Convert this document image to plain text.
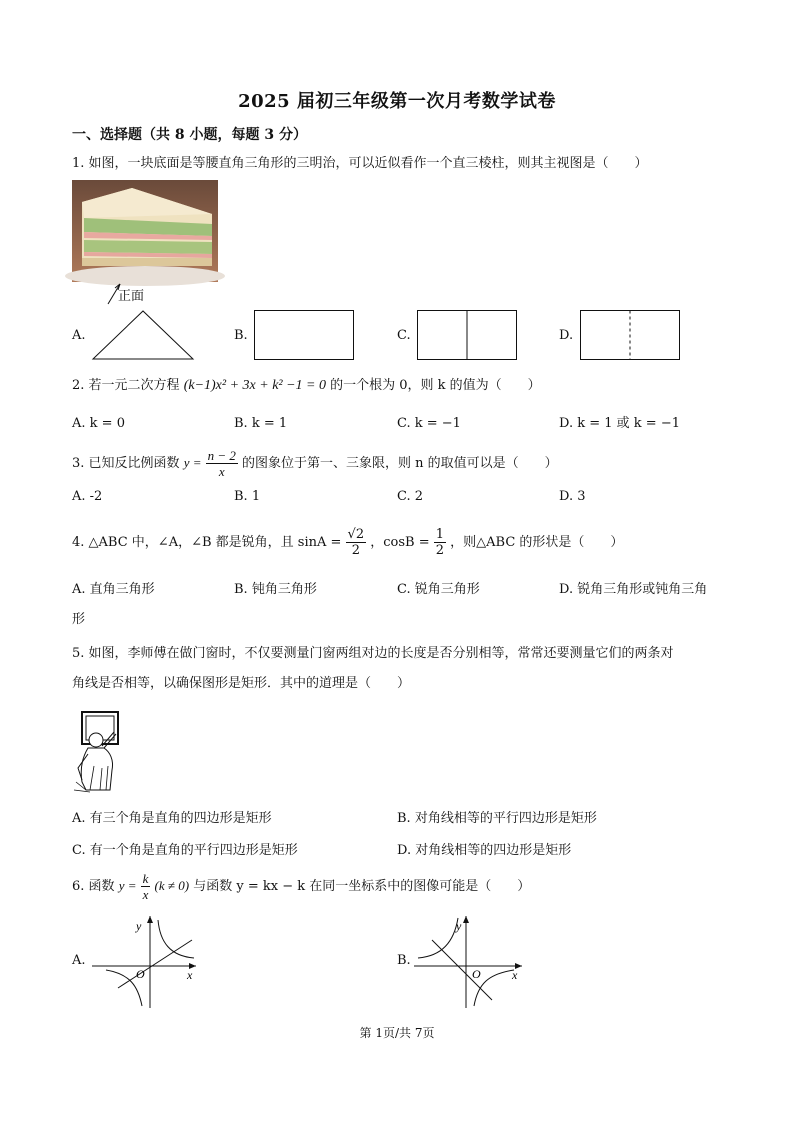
2025 届初三年级第一次月考数学试卷
一、选择题（共 8 小题，每题 3 分）
1. 如图，一块底面是等腰直角三角形的三明治，可以近似看作一个直三棱柱，则其主视图是（　　）
正面
A.	B.	C.	D.
2. 若一元二次方程 (k−1)x² + 3x + k² −1 = 0 的一个根为 0，则 k 的值为（　　）
A. k = 0	B. k = 1	C. k = −1	D. k = 1 或 k = −1
3. 已知反比例函数 $y = \frac{n - 2}{x}$ 的图象位于第一、三象限，则 n 的取值可以是（　　）
A. -2	B. 1	C. 2	D. 3
4. △ABC 中，∠A，∠B 都是锐角，且 $\sin A = \frac{√2}{2}$ ，$\cos B = \frac{1}{2}$ ，则△ABC 的形状是（　　）
A. 直角三角形	B. 钝角三角形	C. 锐角三角形	D. 锐角三角形或钝角三角
形
5. 如图，李师傅在做门窗时，不仅要测量门窗两组对边的长度是否分别相等，常常还要测量它们的两条对
角线是否相等，以确保图形是矩形．其中的道理是（　　）
A. 有三个角是直角的四边形是矩形	B. 对角线相等的平行四边形是矩形
C. 有一个角是直角的平行四边形是矩形	D. 对角线相等的四边形是矩形
6. 函数 $y = \frac{k}{x} (k \ne 0)$ 与函数 y = kx − k 在同一坐标系中的图像可能是（　　）
A.
y
x
O
B.
y
x
O
第 1页/共 7页
